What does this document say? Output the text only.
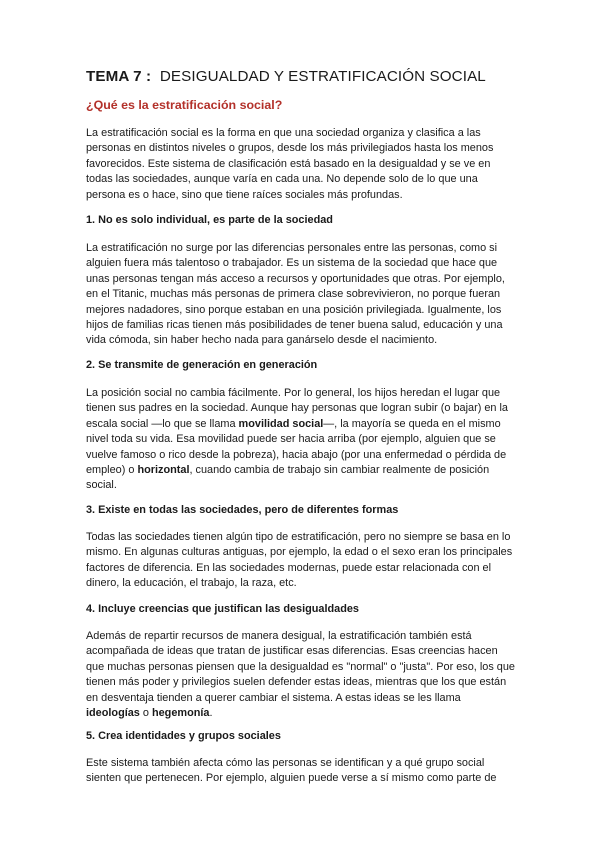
TEMA 7 : DESIGUALDAD Y ESTRATIFICACIÓN SOCIAL
¿Qué es la estratificación social?

La estratificación social es la forma en que una sociedad organiza y clasifica a las personas en distintos niveles o grupos, desde los más privilegiados hasta los menos favorecidos. Este sistema de clasificación está basado en la desigualdad y se ve en todas las sociedades, aunque varía en cada una. No depende solo de lo que una persona es o hace, sino que tiene raíces sociales más profundas.

1. No es solo individual, es parte de la sociedad

La estratificación no surge por las diferencias personales entre las personas, como si alguien fuera más talentoso o trabajador. Es un sistema de la sociedad que hace que unas personas tengan más acceso a recursos y oportunidades que otras. Por ejemplo, en el Titanic, muchas más personas de primera clase sobrevivieron, no porque fueran mejores nadadores, sino porque estaban en una posición privilegiada. Igualmente, los hijos de familias ricas tienen más posibilidades de tener buena salud, educación y una vida cómoda, sin haber hecho nada para ganárselo desde el nacimiento.

2. Se transmite de generación en generación

La posición social no cambia fácilmente. Por lo general, los hijos heredan el lugar que tienen sus padres en la sociedad. Aunque hay personas que logran subir (o bajar) en la escala social —lo que se llama movilidad social—, la mayoría se queda en el mismo nivel toda su vida. Esa movilidad puede ser hacia arriba (por ejemplo, alguien que se vuelve famoso o rico desde la pobreza), hacia abajo (por una enfermedad o pérdida de empleo) o horizontal, cuando cambia de trabajo sin cambiar realmente de posición social.

3. Existe en todas las sociedades, pero de diferentes formas

Todas las sociedades tienen algún tipo de estratificación, pero no siempre se basa en lo mismo. En algunas culturas antiguas, por ejemplo, la edad o el sexo eran los principales factores de diferencia. En las sociedades modernas, puede estar relacionada con el dinero, la educación, el trabajo, la raza, etc.

4. Incluye creencias que justifican las desigualdades

Además de repartir recursos de manera desigual, la estratificación también está acompañada de ideas que tratan de justificar esas diferencias. Esas creencias hacen que muchas personas piensen que la desigualdad es "normal" o "justa". Por eso, los que tienen más poder y privilegios suelen defender estas ideas, mientras que los que están en desventaja tienden a querer cambiar el sistema. A estas ideas se les llama ideologías o hegemonía.

5. Crea identidades y grupos sociales

Este sistema también afecta cómo las personas se identifican y a qué grupo social sienten que pertenecen. Por ejemplo, alguien puede verse a sí mismo como parte de
